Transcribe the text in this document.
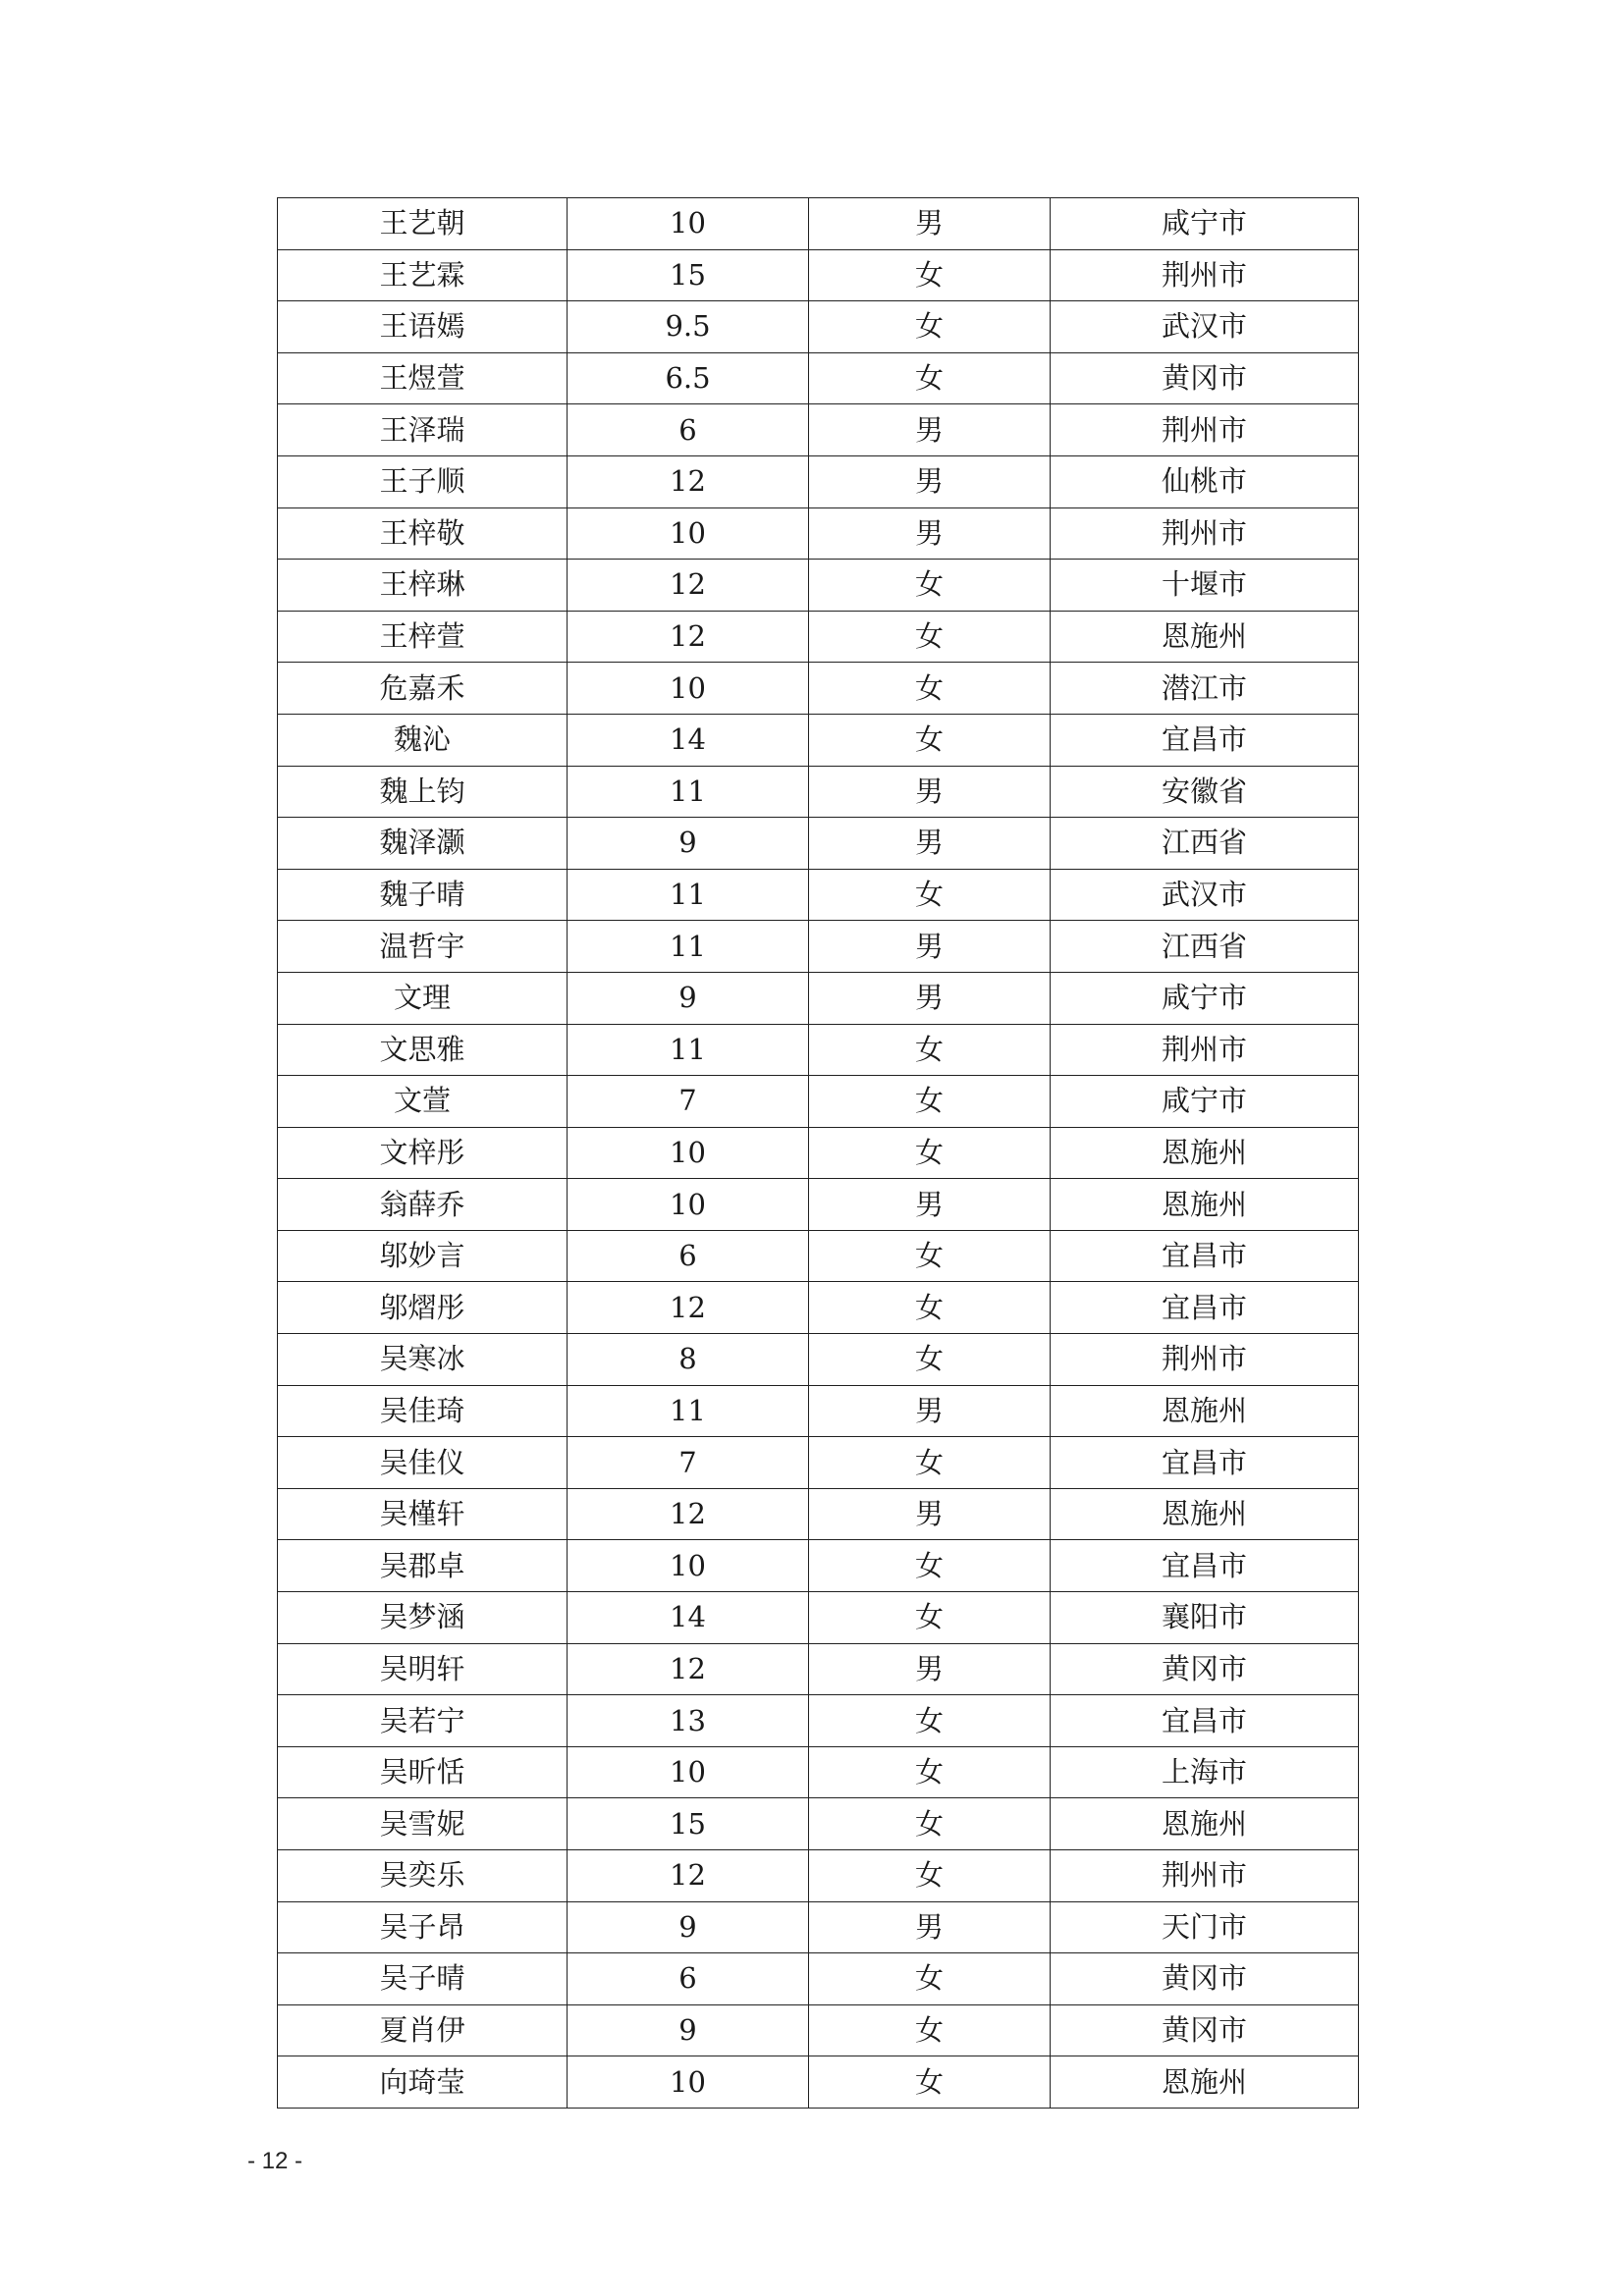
王艺朝	10	男	咸宁市
王艺霖	15	女	荆州市
王语嫣	9.5	女	武汉市
王煜萱	6.5	女	黄冈市
王泽瑞	6	男	荆州市
王子顺	12	男	仙桃市
王梓敬	10	男	荆州市
王梓琳	12	女	十堰市
王梓萱	12	女	恩施州
危嘉禾	10	女	潜江市
魏沁	14	女	宜昌市
魏上钧	11	男	安徽省
魏泽灏	9	男	江西省
魏子晴	11	女	武汉市
温哲宇	11	男	江西省
文理	9	男	咸宁市
文思雅	11	女	荆州市
文萱	7	女	咸宁市
文梓彤	10	女	恩施州
翁薛乔	10	男	恩施州
邬妙言	6	女	宜昌市
邬熠彤	12	女	宜昌市
吴寒冰	8	女	荆州市
吴佳琦	11	男	恩施州
吴佳仪	7	女	宜昌市
吴槿轩	12	男	恩施州
吴郡卓	10	女	宜昌市
吴梦涵	14	女	襄阳市
吴明轩	12	男	黄冈市
吴若宁	13	女	宜昌市
吴昕恬	10	女	上海市
吴雪妮	15	女	恩施州
吴奕乐	12	女	荆州市
吴子昂	9	男	天门市
吴子晴	6	女	黄冈市
夏肖伊	9	女	黄冈市
向琦莹	10	女	恩施州
- 12 -
